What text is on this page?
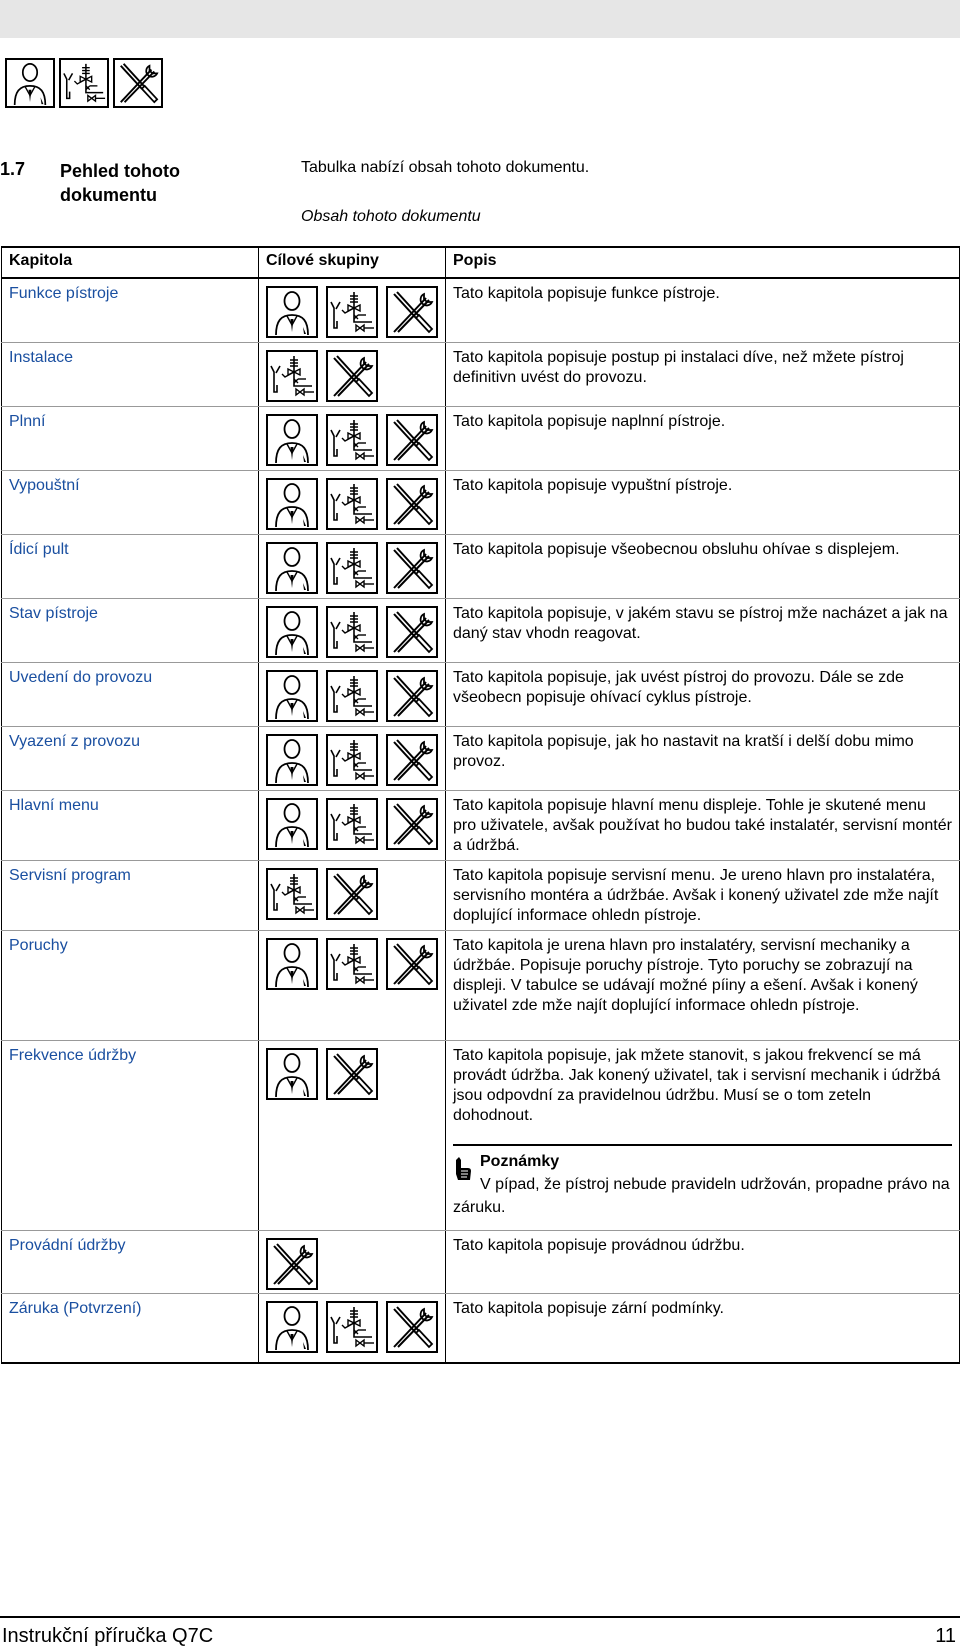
1.7 Pehled tohoto dokumentu
Tabulka nabízí obsah tohoto dokumentu.
Obsah tohoto dokumentu
Kapitola	Cílové skupiny	Popis
Funkce pístroje		Tato kapitola popisuje funkce pístroje.
Instalace		Tato kapitola popisuje postup pi instalaci díve, než mžete pístroj definitivn uvést do provozu.
Plnní		Tato kapitola popisuje naplnní pístroje.
Vypouštní		Tato kapitola popisuje vypuštní pístroje.
Ídicí pult		Tato kapitola popisuje všeobecnou obsluhu ohívae s displejem.
Stav pístroje		Tato kapitola popisuje, v jakém stavu se pístroj mže nacházet a jak na daný stav vhodn reagovat.
Uvedení do provozu		Tato kapitola popisuje, jak uvést pístroj do provozu. Dále se zde všeobecn popisuje ohívací cyklus pístroje.
Vyazení z provozu		Tato kapitola popisuje, jak ho nastavit na kratší i delší dobu mimo provoz.
Hlavní menu		Tato kapitola popisuje hlavní menu displeje. Tohle je skutené menu pro uživatele, avšak používat ho budou také instalatér, servisní montér a údržbá.
Servisní program		Tato kapitola popisuje servisní menu. Je ureno hlavn pro instalatéra, servisního montéra a údržbáe. Avšak i konený uživatel zde mže najít doplující informace ohledn pístroje.
Poruchy		Tato kapitola je urena hlavn pro instalatéry, servisní mechaniky a údržbáe. Popisuje poruchy pístroje. Tyto poruchy se zobrazují na displeji. V tabulce se udávají možné píiny a ešení. Avšak i konený uživatel zde mže najít doplující informace ohledn pístroje.
Frekvence údržby		Tato kapitola popisuje, jak mžete stanovit, s jakou frekvencí se má provádt údržba. Jak konený uživatel, tak i servisní mechanik i údržbá jsou odpovdní za pravidelnou údržbu. Musí se o tom zeteln dohodnout.
Poznámky
V pípad, že pístroj nebude pravideln udržován, propadne právo na záruku.

Provádní údržby		Tato kapitola popisuje provádnou údržbu.
Záruka (Potvrzení)		Tato kapitola popisuje zární podmínky.
Instrukční příručka Q7C	11
